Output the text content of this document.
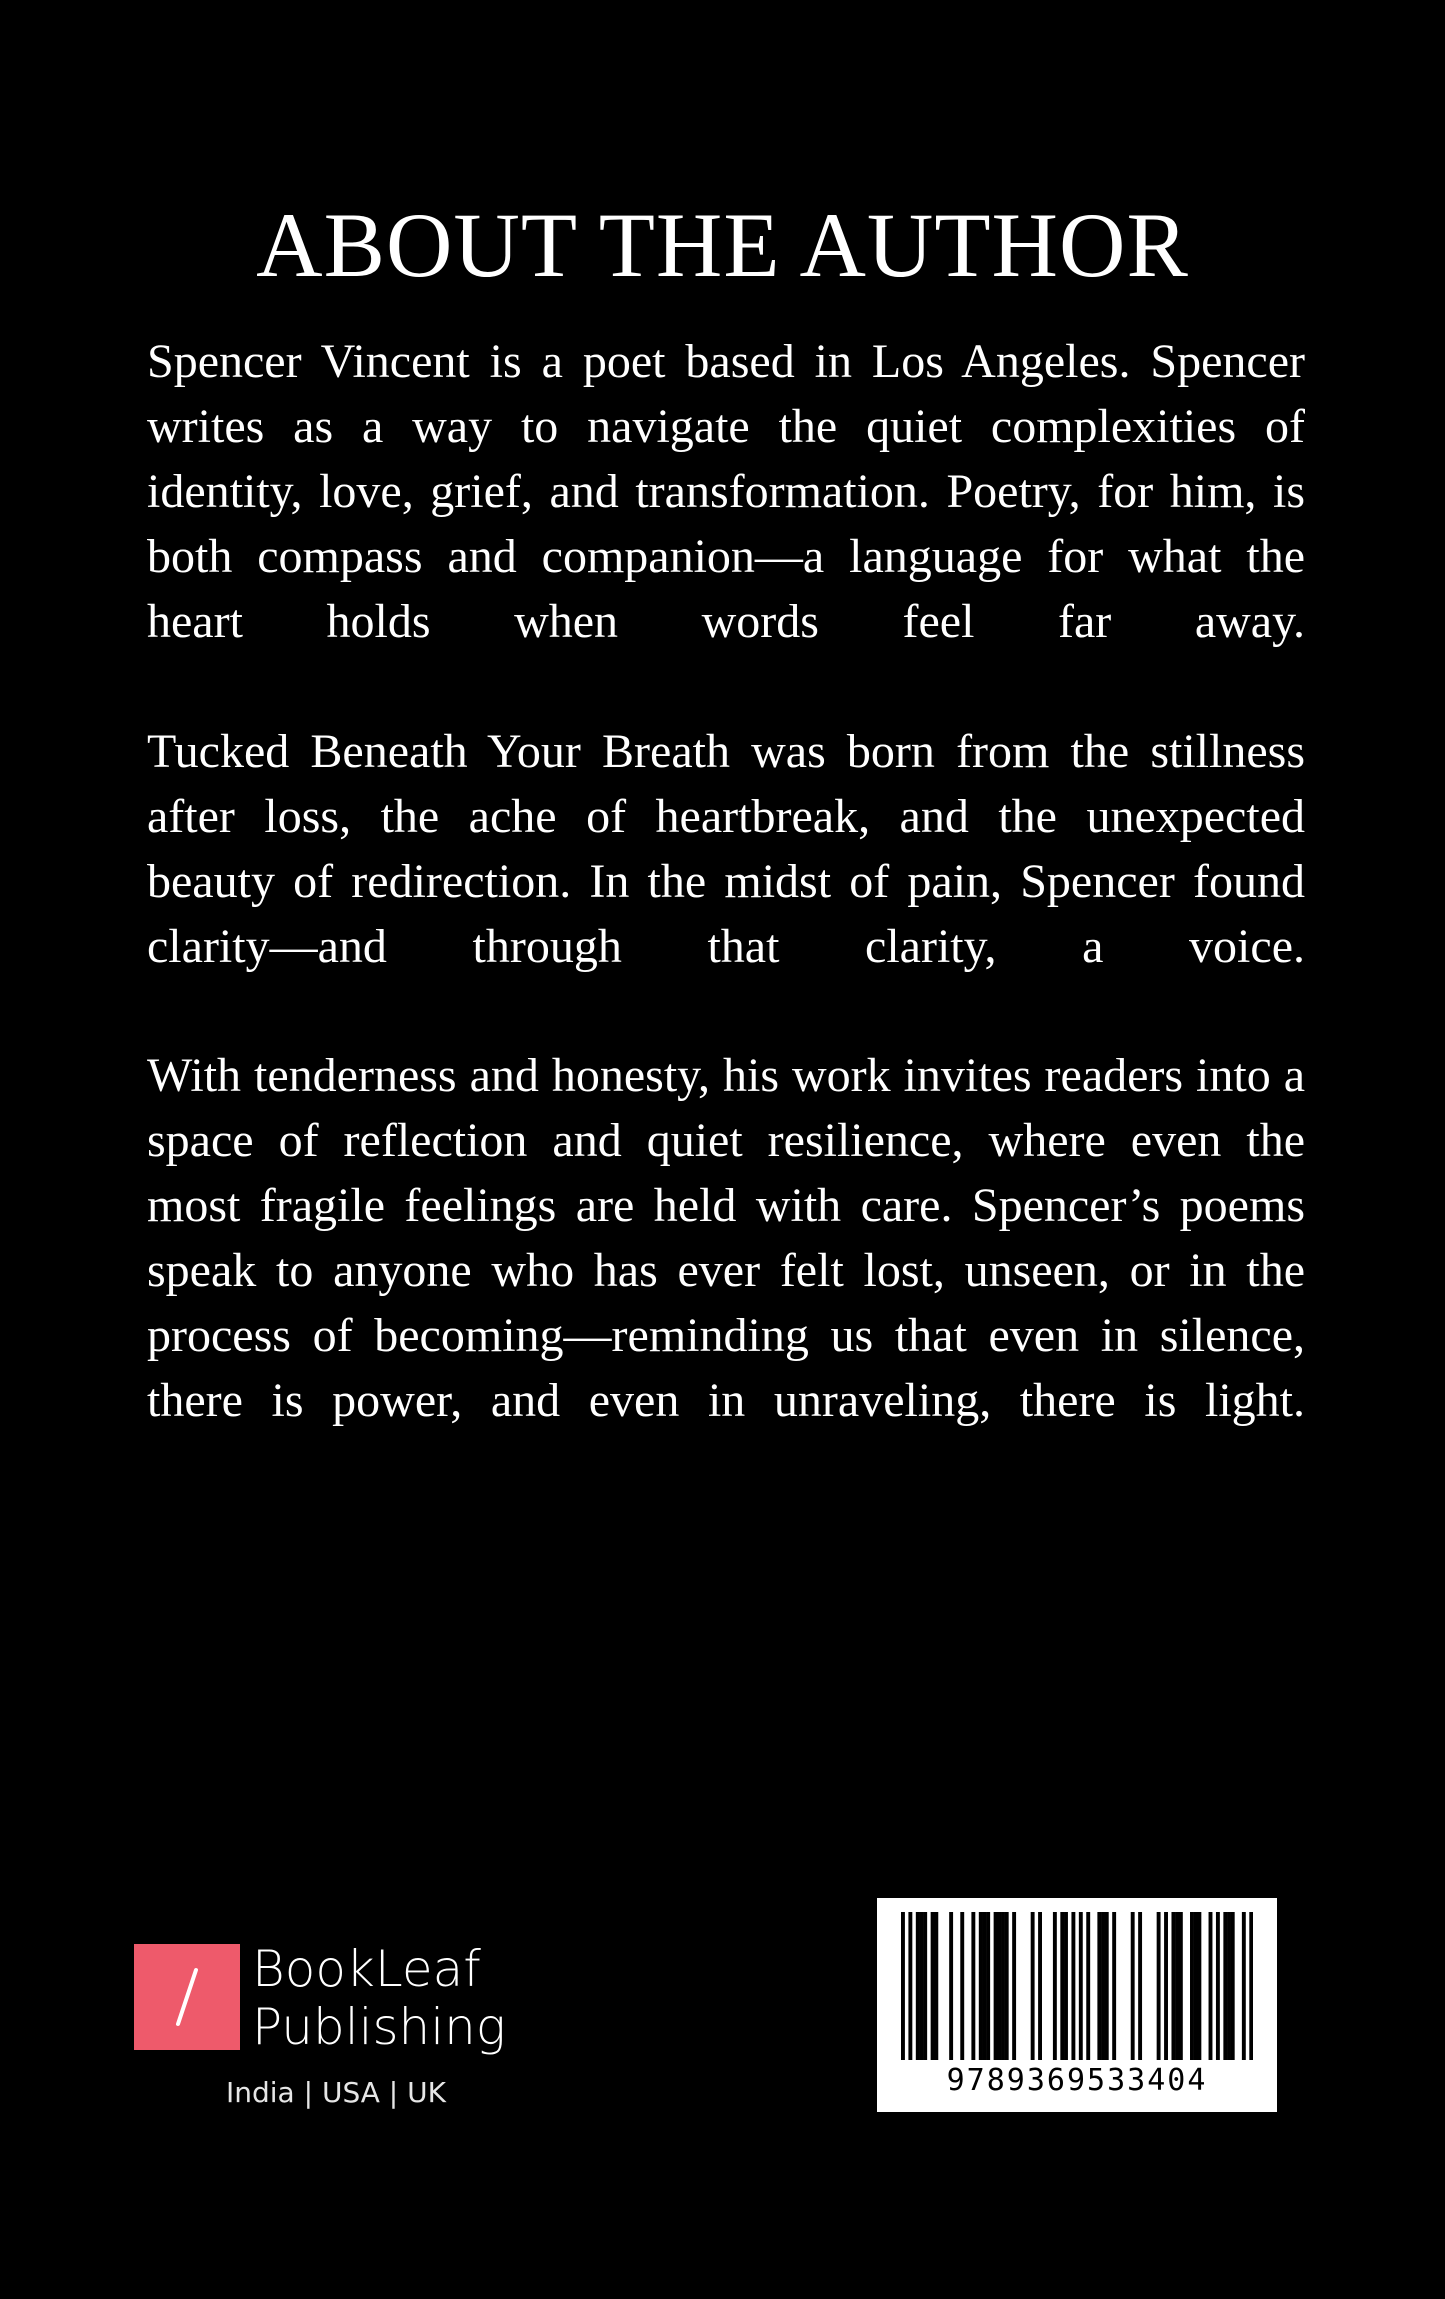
ABOUT THE AUTHOR

Spencer Vincent is a poet based in Los Angeles. Spencer writes as a way to navigate the quiet complexities of identity, love, grief, and transformation. Poetry, for him, is both compass and companion—a language for what the heart holds when words feel far away.

Tucked Beneath Your Breath was born from the stillness after loss, the ache of heartbreak, and the unexpected beauty of redirection. In the midst of pain, Spencer found clarity—and through that clarity, a voice.

With tenderness and honesty, his work invites readers into a space of reflection and quiet resilience, where even the most fragile feelings are held with care. Spencer’s poems speak to anyone who has ever felt lost, unseen, or in the process of becoming—reminding us that even in silence, there is power, and even in unraveling, there is light.

BookLeaf
Publishing
India | USA | UK	9789369533404
